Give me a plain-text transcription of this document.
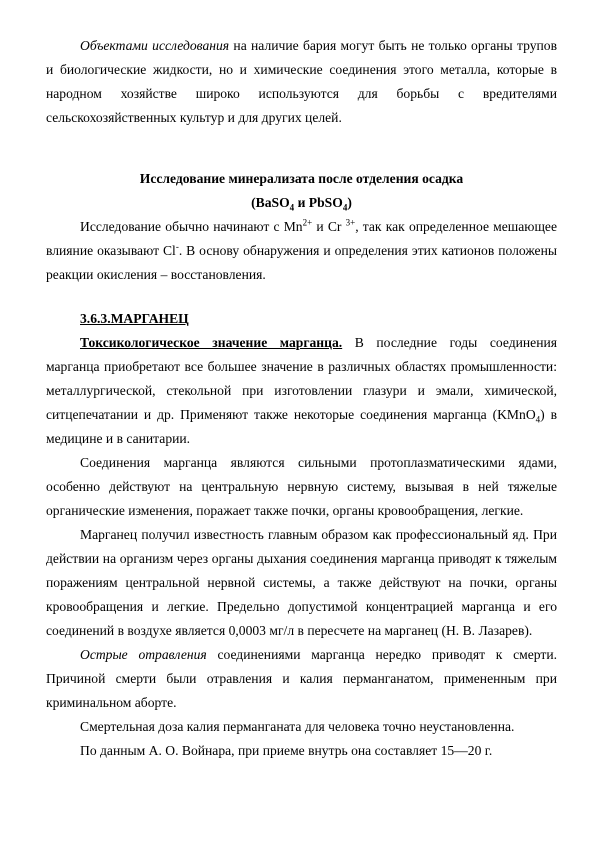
Объектами исследования на наличие бария могут быть не только органы трупов и биологические жидкости, но и химические соединения этого металла, которые в народном хозяйстве широко используются для борьбы с вредителями сельскохозяйственных культур и для других целей.

Исследование минерализата после отделения осадка
(BaSO$_4$ и PbSO$_4$)

Исследование обычно начинают с $Mn^{2+}$ и Cr $^{3+}$, так как определенное мешающее влияние оказывают Cl-. В основу обнаружения и определения этих катионов положены реакции окисления – восстановления.

3.6.3.МАРГАНЕЦ

Токсикологическое значение марганца. В последние годы соединения марганца приобретают все большее значение в различных областях промышленности: металлургической, стекольной при изготовлении глазури и эмали, химической, ситцепечатании и др. Применяют также некоторые соединения марганца (KMnO$_4$) в медицине и в санитарии.

Соединения марганца являются сильными протоплазматическими ядами, особенно действуют на центральную нервную систему, вызывая в ней тяжелые органические изменения, поражает также почки, органы кровообращения, легкие.

Марганец получил известность главным образом как профессиональный яд. При действии на организм через органы дыхания соединения марганца приводят к тяжелым поражениям центральной нервной системы, а также действуют на почки, органы кровообращения и легкие. Предельно допустимой концентрацией марганца и его соединений в воздухе является 0,0003 мг/л в пересчете на марганец (Н. В. Лазарев).

Острые отравления соединениями марганца нередко приводят к смерти. Причиной смерти были отравления и калия перманганатом, примененным при криминальном аборте.

Смертельная доза калия перманганата для человека точно неустановленна.

По данным А. О. Войнара, при приеме внутрь она составляет 15—20 г.
